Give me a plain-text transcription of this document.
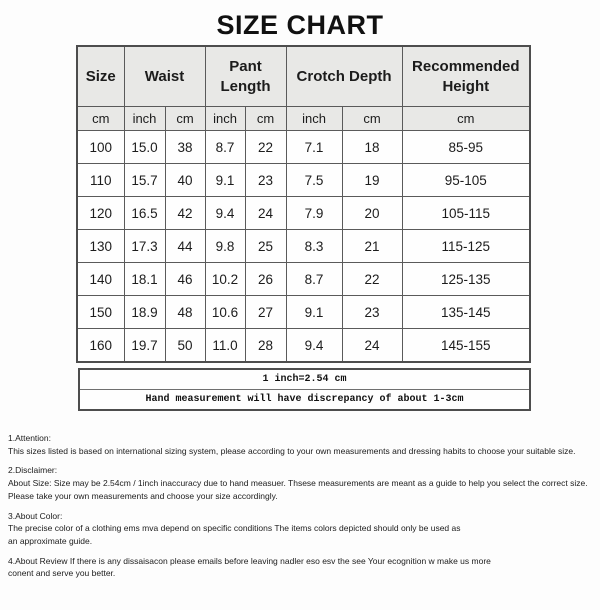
SIZE CHART
Size	Waist		Pant Length		Crotch Depth		Recommended Height
cm	inch	cm	inch	cm	inch	cm	cm
100	15.0	38	8.7	22	7.1	18	85-95
110	15.7	40	9.1	23	7.5	19	95-105
120	16.5	42	9.4	24	7.9	20	105-115
130	17.3	44	9.8	25	8.3	21	115-125
140	18.1	46	10.2	26	8.7	22	125-135
150	18.9	48	10.6	27	9.1	23	135-145
160	19.7	50	11.0	28	9.4	24	145-155
1 inch=2.54 cm
Hand measurement will have discrepancy of about 1-3cm
1.Attention:
This sizes listed is based on international sizing system, please according to your own measurements and dressing habits to choose your suitable size.
2.Disclaimer:
About Size: Size may be 2.54cm / 1inch inaccuracy due to hand measuer. Thsese measurements are meant as a guide to help you select the correct size.
Please take your own measurements and choose your size accordingly.
3.About Color:
The precise color of a clothing ems mva depend on specific conditions The items colors depicted should only be used as
an approximate guide.
4.About Review If there is any dissaisacon please emails before leaving nadler eso esv the see Your ecognition w make us more
conent and serve you better.
